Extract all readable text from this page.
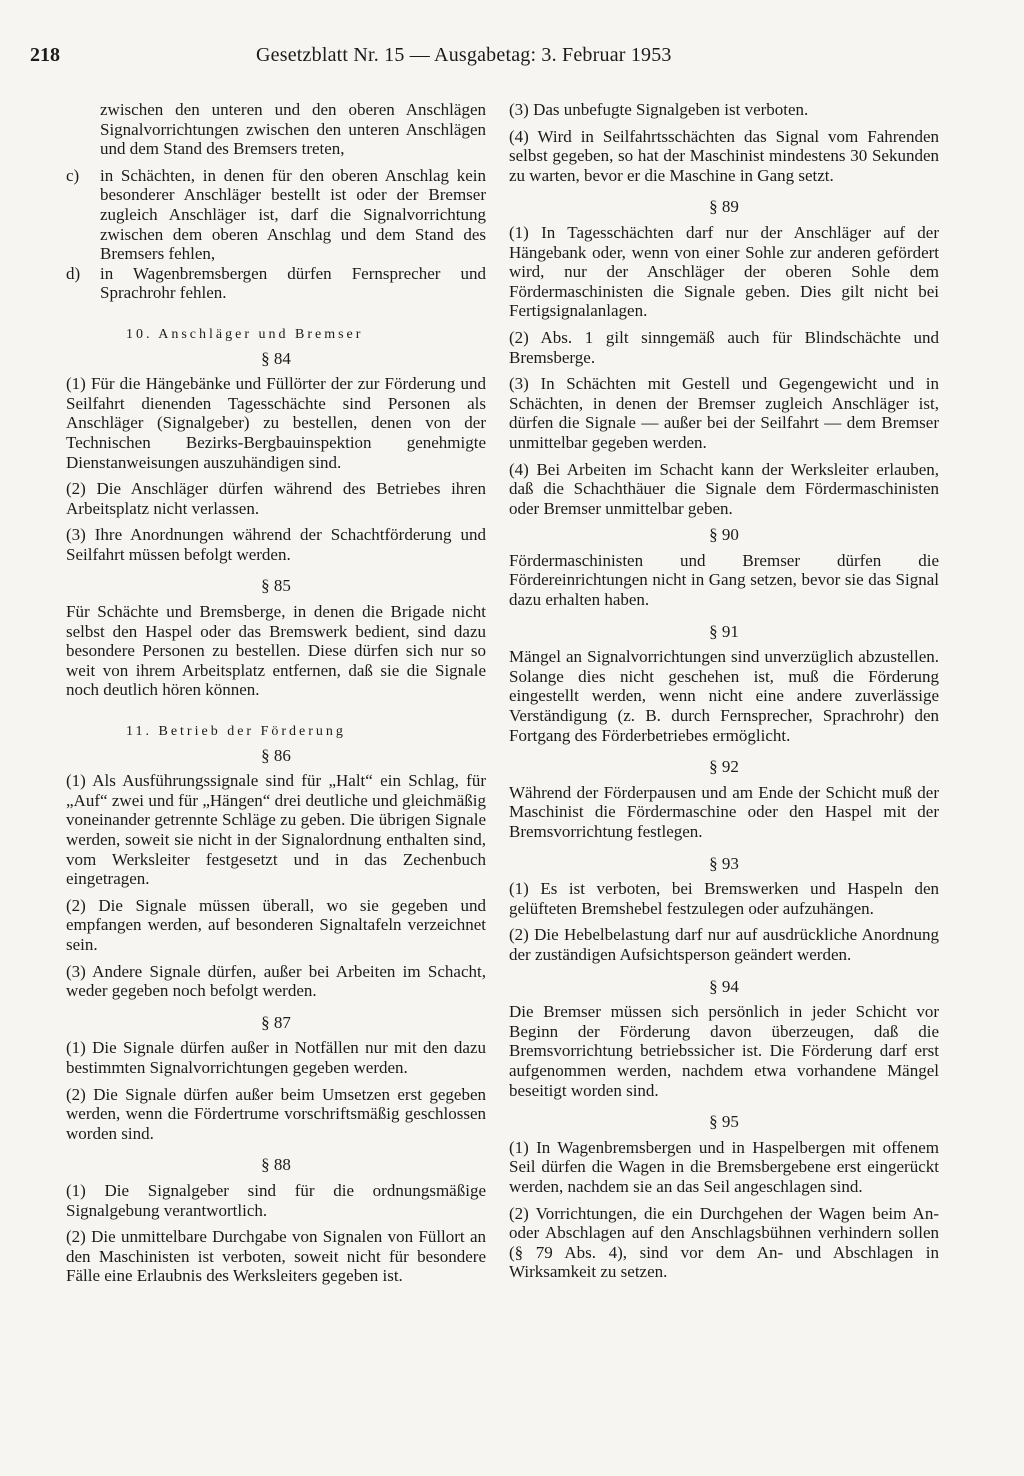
218	Gesetzblatt Nr. 15 — Ausgabetag: 3. Februar 1953

zwischen den unteren und den oberen Anschlägen Signalvorrichtungen zwischen den unteren Anschlägen und dem Stand des Bremsers treten,

c)	in Schächten, in denen für den oberen Anschlag kein besonderer Anschläger bestellt ist oder der Bremser zugleich Anschläger ist, darf die Signalvorrichtung zwischen dem oberen Anschlag und dem Stand des Bremsers fehlen,
d)	in Wagenbremsbergen dürfen Fernsprecher und Sprachrohr fehlen.
10. Anschläger und Bremser
§ 84

(1) Für die Hängebänke und Füllörter der zur Förderung und Seilfahrt dienenden Tagesschächte sind Personen als Anschläger (Signalgeber) zu bestellen, denen von der Technischen Bezirks-Bergbauinspektion genehmigte Dienstanweisungen auszuhändigen sind.

(2) Die Anschläger dürfen während des Betriebes ihren Arbeitsplatz nicht verlassen.

(3) Ihre Anordnungen während der Schachtförderung und Seilfahrt müssen befolgt werden.

§ 85

Für Schächte und Bremsberge, in denen die Brigade nicht selbst den Haspel oder das Bremswerk bedient, sind dazu besondere Personen zu bestellen. Diese dürfen sich nur so weit von ihrem Arbeitsplatz entfernen, daß sie die Signale noch deutlich hören können.

11. Betrieb der Förderung
§ 86

(1) Als Ausführungssignale sind für „Halt“ ein Schlag, für „Auf“ zwei und für „Hängen“ drei deutliche und gleichmäßig voneinander getrennte Schläge zu geben. Die übrigen Signale werden, soweit sie nicht in der Signalordnung enthalten sind, vom Werksleiter festgesetzt und in das Zechenbuch eingetragen.

(2) Die Signale müssen überall, wo sie gegeben und empfangen werden, auf besonderen Signaltafeln verzeichnet sein.

(3) Andere Signale dürfen, außer bei Arbeiten im Schacht, weder gegeben noch befolgt werden.

§ 87

(1) Die Signale dürfen außer in Notfällen nur mit den dazu bestimmten Signalvorrichtungen gegeben werden.

(2) Die Signale dürfen außer beim Umsetzen erst gegeben werden, wenn die Fördertrume vorschriftsmäßig geschlossen worden sind.

§ 88

(1) Die Signalgeber sind für die ordnungsmäßige Signalgebung verantwortlich.

(2) Die unmittelbare Durchgabe von Signalen von Füllort an den Maschinisten ist verboten, soweit nicht für besondere Fälle eine Erlaubnis des Werksleiters gegeben ist.

(3) Das unbefugte Signalgeben ist verboten.

(4) Wird in Seilfahrtsschächten das Signal vom Fahrenden selbst gegeben, so hat der Maschinist mindestens 30 Sekunden zu warten, bevor er die Maschine in Gang setzt.

§ 89

(1) In Tagesschächten darf nur der Anschläger auf der Hängebank oder, wenn von einer Sohle zur anderen gefördert wird, nur der Anschläger der oberen Sohle dem Fördermaschinisten die Signale geben. Dies gilt nicht bei Fertigsignalanlagen.

(2) Abs. 1 gilt sinngemäß auch für Blindschächte und Bremsberge.

(3) In Schächten mit Gestell und Gegengewicht und in Schächten, in denen der Bremser zugleich Anschläger ist, dürfen die Signale — außer bei der Seilfahrt — dem Bremser unmittelbar gegeben werden.

(4) Bei Arbeiten im Schacht kann der Werksleiter erlauben, daß die Schachthäuer die Signale dem Fördermaschinisten oder Bremser unmittelbar geben.

§ 90

Fördermaschinisten und Bremser dürfen die Fördereinrichtungen nicht in Gang setzen, bevor sie das Signal dazu erhalten haben.

§ 91

Mängel an Signalvorrichtungen sind unverzüglich abzustellen. Solange dies nicht geschehen ist, muß die Förderung eingestellt werden, wenn nicht eine andere zuverlässige Verständigung (z. B. durch Fernsprecher, Sprachrohr) den Fortgang des Förderbetriebes ermöglicht.

§ 92

Während der Förderpausen und am Ende der Schicht muß der Maschinist die Fördermaschine oder den Haspel mit der Bremsvorrichtung festlegen.

§ 93

(1) Es ist verboten, bei Bremswerken und Haspeln den gelüfteten Bremshebel festzulegen oder aufzuhängen.

(2) Die Hebelbelastung darf nur auf ausdrückliche Anordnung der zuständigen Aufsichtsperson geändert werden.

§ 94

Die Bremser müssen sich persönlich in jeder Schicht vor Beginn der Förderung davon überzeugen, daß die Bremsvorrichtung betriebssicher ist. Die Förderung darf erst aufgenommen werden, nachdem etwa vorhandene Mängel beseitigt worden sind.

§ 95

(1) In Wagenbremsbergen und in Haspelbergen mit offenem Seil dürfen die Wagen in die Bremsbergebene erst eingerückt werden, nachdem sie an das Seil angeschlagen sind.

(2) Vorrichtungen, die ein Durchgehen der Wagen beim An- oder Abschlagen auf den Anschlagsbühnen verhindern sollen (§ 79 Abs. 4), sind vor dem An- und Abschlagen in Wirksamkeit zu setzen.
